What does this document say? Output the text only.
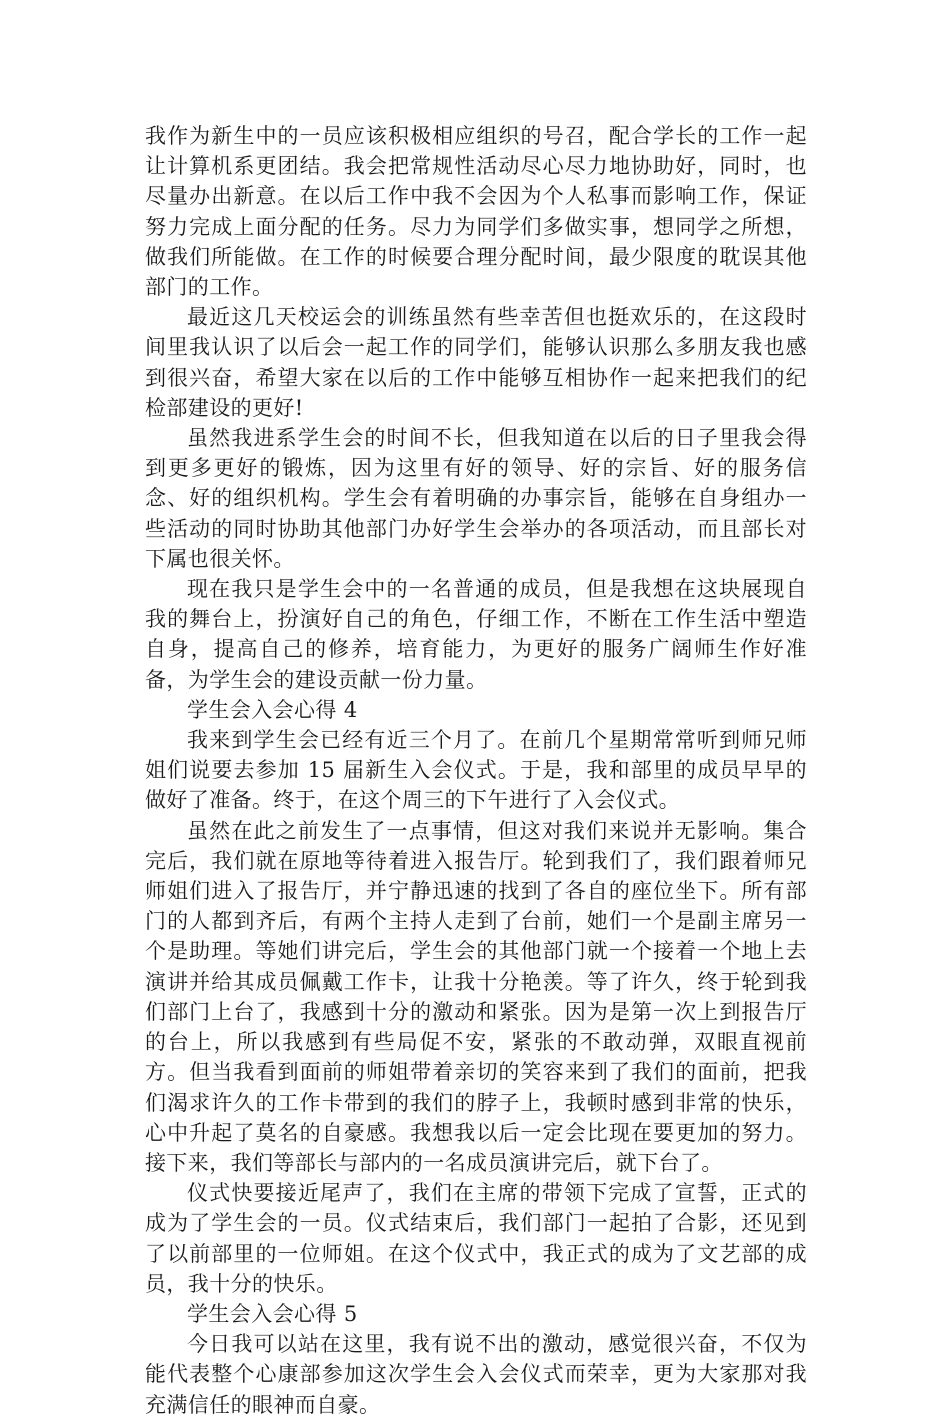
我作为新生中的一员应该积极相应组织的号召，配合学长的工作一起让计算机系更团结。我会把常规性活动尽心尽力地协助好，同时，也尽量办出新意。在以后工作中我不会因为个人私事而影响工作，保证努力完成上面分配的任务。尽力为同学们多做实事，想同学之所想，做我们所能做。在工作的时候要合理分配时间，最少限度的耽误其他部门的工作。

最近这几天校运会的训练虽然有些幸苦但也挺欢乐的，在这段时间里我认识了以后会一起工作的同学们，能够认识那么多朋友我也感到很兴奋，希望大家在以后的工作中能够互相协作一起来把我们的纪检部建设的更好!

虽然我进系学生会的时间不长，但我知道在以后的日子里我会得到更多更好的锻炼，因为这里有好的领导、好的宗旨、好的服务信念、好的组织机构。学生会有着明确的办事宗旨，能够在自身组办一些活动的同时协助其他部门办好学生会举办的各项活动，而且部长对下属也很关怀。

现在我只是学生会中的一名普通的成员，但是我想在这块展现自我的舞台上，扮演好自己的角色，仔细工作，不断在工作生活中塑造自身，提高自己的修养，培育能力，为更好的服务广阔师生作好准备，为学生会的建设贡献一份力量。

学生会入会心得 4

我来到学生会已经有近三个月了。在前几个星期常常听到师兄师姐们说要去参加 15 届新生入会仪式。于是，我和部里的成员早早的做好了准备。终于，在这个周三的下午进行了入会仪式。

虽然在此之前发生了一点事情，但这对我们来说并无影响。集合完后，我们就在原地等待着进入报告厅。轮到我们了，我们跟着师兄师姐们进入了报告厅，并宁静迅速的找到了各自的座位坐下。所有部门的人都到齐后，有两个主持人走到了台前，她们一个是副主席另一个是助理。等她们讲完后，学生会的其他部门就一个接着一个地上去演讲并给其成员佩戴工作卡，让我十分艳羡。等了许久，终于轮到我们部门上台了，我感到十分的激动和紧张。因为是第一次上到报告厅的台上，所以我感到有些局促不安，紧张的不敢动弹，双眼直视前方。但当我看到面前的师姐带着亲切的笑容来到了我们的面前，把我们渴求许久的工作卡带到的我们的脖子上，我顿时感到非常的快乐，心中升起了莫名的自豪感。我想我以后一定会比现在要更加的努力。接下来，我们等部长与部内的一名成员演讲完后，就下台了。

仪式快要接近尾声了，我们在主席的带领下完成了宣誓，正式的成为了学生会的一员。仪式结束后，我们部门一起拍了合影，还见到了以前部里的一位师姐。在这个仪式中，我正式的成为了文艺部的成员，我十分的快乐。

学生会入会心得 5

今日我可以站在这里，我有说不出的激动，感觉很兴奋，不仅为能代表整个心康部参加这次学生会入会仪式而荣幸，更为大家那对我充满信任的眼神而自豪。
